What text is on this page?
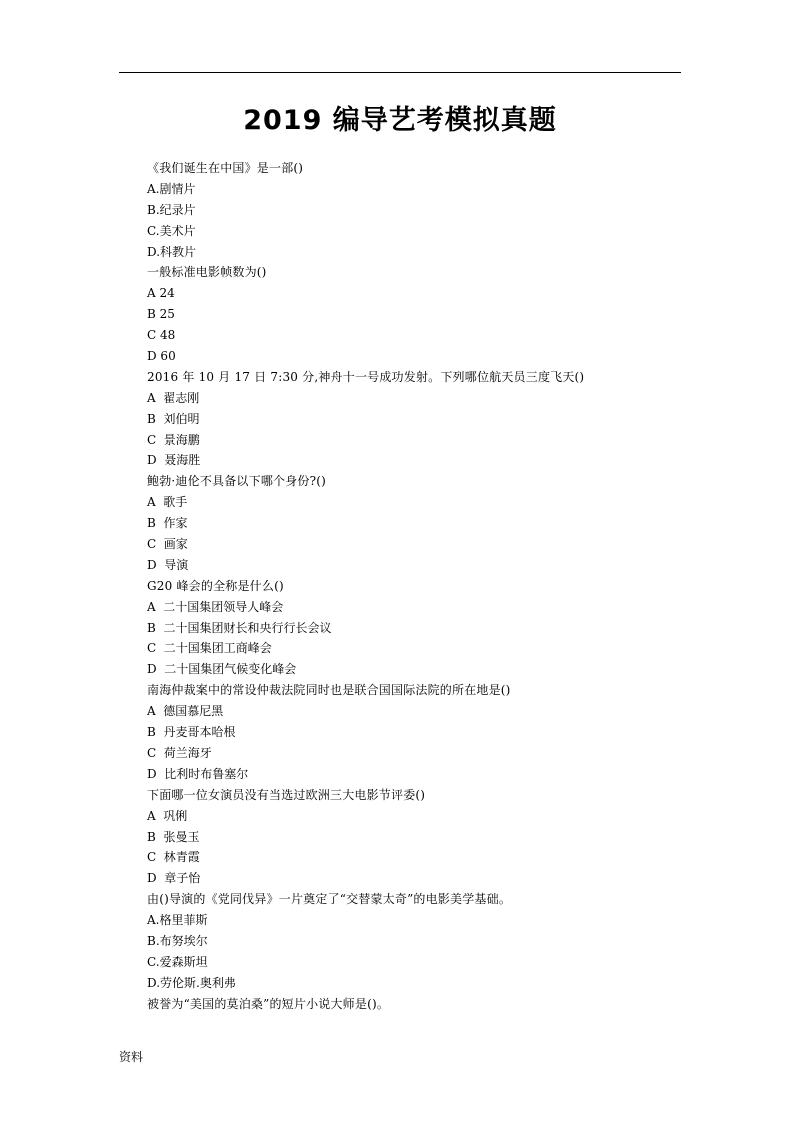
2019 编导艺考模拟真题
《我们诞生在中国》是一部()
A.剧情片
B.纪录片
C.美术片
D.科教片
一般标准电影帧数为()
A 24
B 25
C 48
D 60
2016 年 10 月 17 日 7:30 分,神舟十一号成功发射。下列哪位航天员三度飞天()
A  翟志刚
B  刘伯明
C  景海鹏
D  聂海胜
鲍勃·迪伦不具备以下哪个身份?()
A  歌手
B  作家
C  画家
D  导演
G20 峰会的全称是什么()
A  二十国集团领导人峰会
B  二十国集团财长和央行行长会议
C  二十国集团工商峰会
D  二十国集团气候变化峰会
南海仲裁案中的常设仲裁法院同时也是联合国国际法院的所在地是()
A  德国慕尼黑
B  丹麦哥本哈根
C  荷兰海牙
D  比利时布鲁塞尔
下面哪一位女演员没有当选过欧洲三大电影节评委()
A  巩俐
B  张曼玉
C  林青霞
D  章子怡
由()导演的《党同伐异》一片奠定了“交替蒙太奇”的电影美学基础。
A.格里菲斯
B.布努埃尔
C.爱森斯坦
D.劳伦斯.奥利弗
被誉为“美国的莫泊桑”的短片小说大师是()。
资料
